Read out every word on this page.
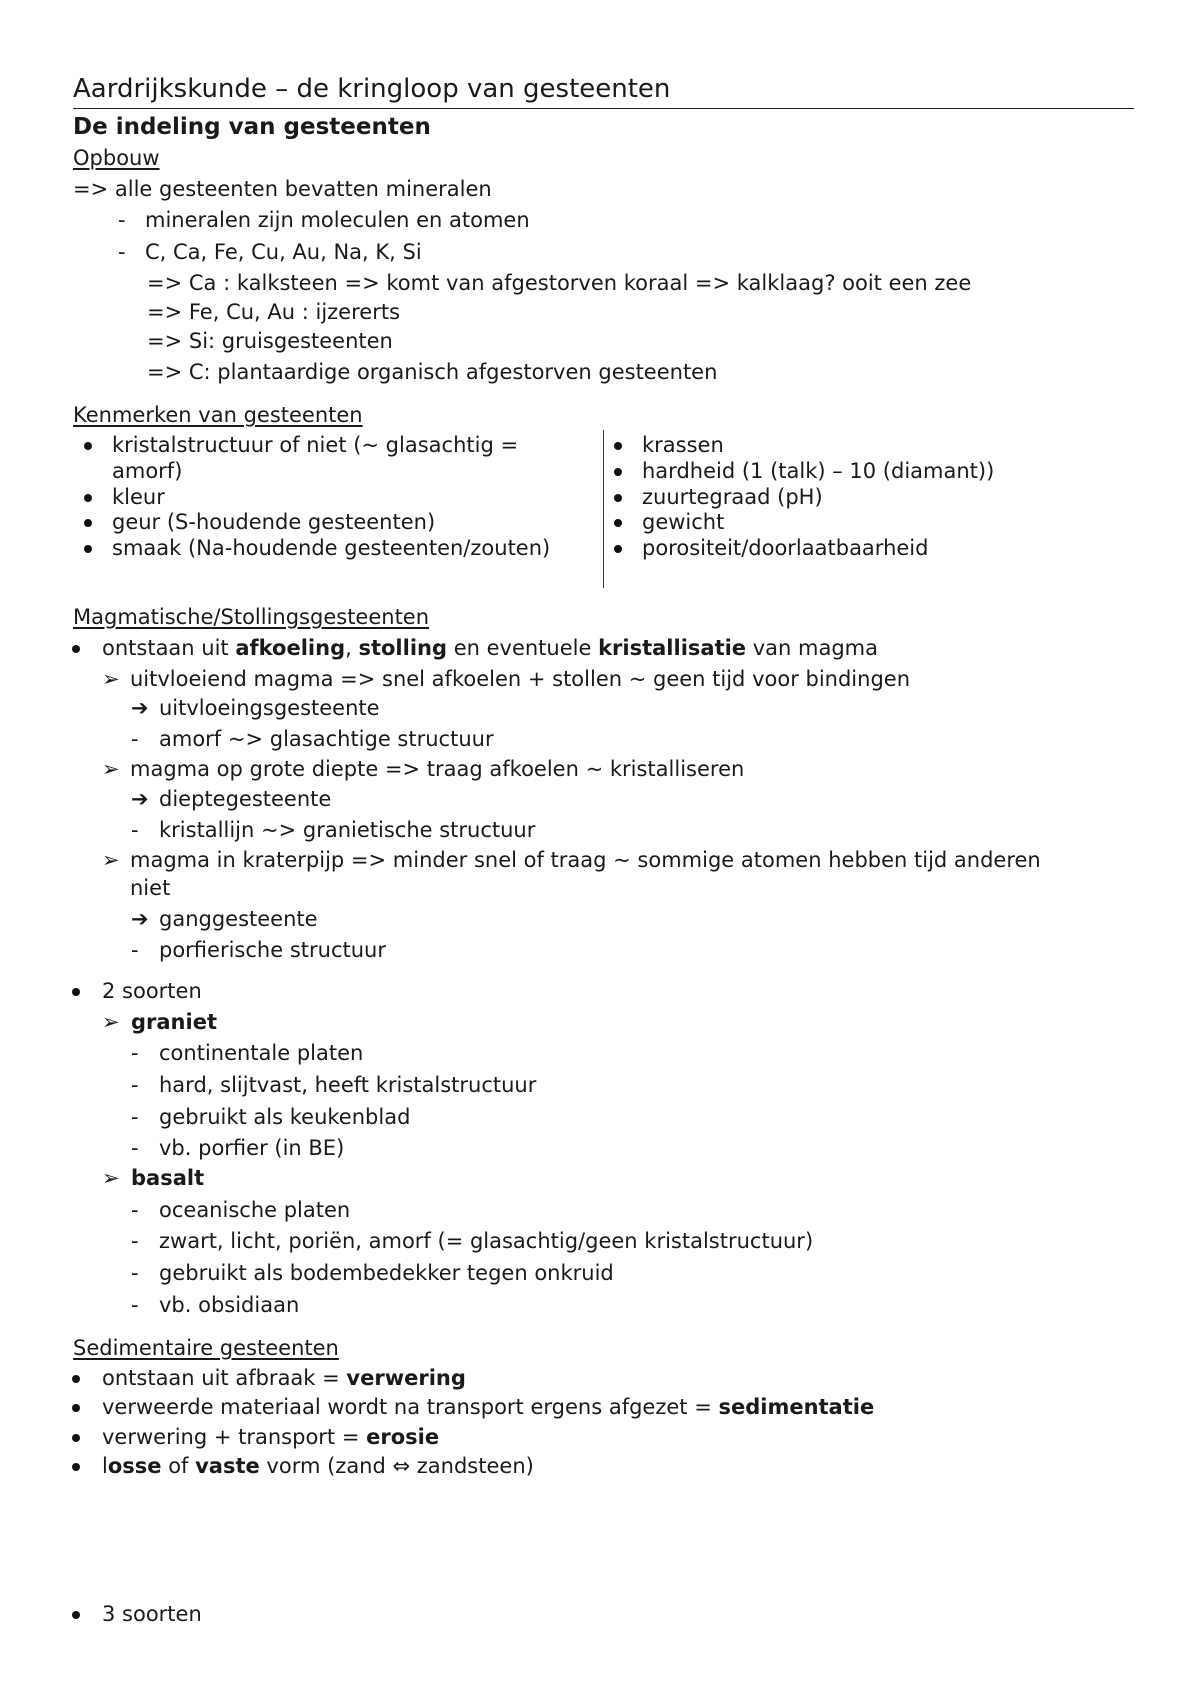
Aardrijkskunde – de kringloop van gesteenten
De indeling van gesteenten
Opbouw
=> alle gesteenten bevatten mineralen
- mineralen zijn moleculen en atomen
- C, Ca, Fe, Cu, Au, Na, K, Si
=> Ca : kalksteen => komt van afgestorven koraal => kalklaag? ooit een zee
=> Fe, Cu, Au : ijzererts
=> Si: gruisgesteenten
=> C: plantaardige organisch afgestorven gesteenten
Kenmerken van gesteenten
kristalstructuur of niet (~ glasachtig =
amorf)
kleur
geur (S-houdende gesteenten)
smaak (Na-houdende gesteenten/zouten)
krassen
hardheid (1 (talk) – 10 (diamant))
zuurtegraad (pH)
gewicht
porositeit/doorlaatbaarheid
Magmatische/Stollingsgesteenten
ontstaan uit afkoeling, stolling en eventuele kristallisatie van magma
➢ uitvloeiend magma => snel afkoelen + stollen ~ geen tijd voor bindingen
➔ uitvloeingsgesteente
- amorf ~> glasachtige structuur
➢ magma op grote diepte => traag afkoelen ~ kristalliseren
➔ dieptegesteente
- kristallijn ~> granietische structuur
➢ magma in kraterpijp => minder snel of traag ~ sommige atomen hebben tijd anderen
niet
➔ ganggesteente
- porfierische structuur
2 soorten
➢ graniet
- continentale platen
- hard, slijtvast, heeft kristalstructuur
- gebruikt als keukenblad
- vb. porfier (in BE)
➢ basalt
- oceanische platen
- zwart, licht, poriën, amorf (= glasachtig/geen kristalstructuur)
- gebruikt als bodembedekker tegen onkruid
- vb. obsidiaan
Sedimentaire gesteenten
ontstaan uit afbraak = verwering
verweerde materiaal wordt na transport ergens afgezet = sedimentatie
verwering + transport = erosie
losse of vaste vorm (zand ⇔ zandsteen)
3 soorten
